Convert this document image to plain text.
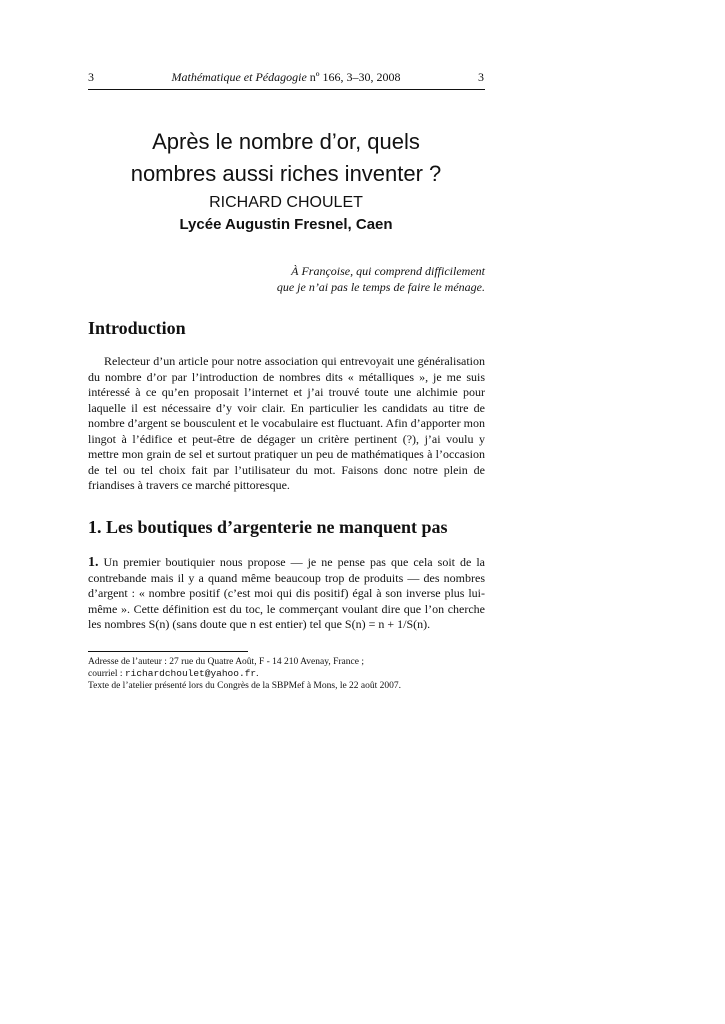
3	Mathématique et Pédagogie nº 166, 3–30, 2008	3
Après le nombre d’or, quels
nombres aussi riches inventer ?
RICHARD CHOULET
Lycée Augustin Fresnel, Caen
À Françoise, qui comprend difficilement
que je n’ai pas le temps de faire le ménage.
Introduction
Relecteur d’un article pour notre association qui entrevoyait une généralisation du nombre d’or par l’introduction de nombres dits « métalliques », je me suis intéressé à ce qu’en proposait l’internet et j’ai trouvé toute une alchimie pour laquelle il est nécessaire d’y voir clair. En particulier les candidats au titre de nombre d’argent se bousculent et le vocabulaire est fluctuant. Afin d’apporter mon lingot à l’édifice et peut-être de dégager un critère pertinent (?), j’ai voulu y mettre mon grain de sel et surtout pratiquer un peu de mathématiques à l’occasion de tel ou tel choix fait par l’utilisateur du mot. Faisons donc notre plein de friandises à travers ce marché pittoresque.
1. Les boutiques d’argenterie ne manquent pas
1. Un premier boutiquier nous propose — je ne pense pas que cela soit de la contrebande mais il y a quand même beaucoup trop de produits — des nombres d’argent : « nombre positif (c’est moi qui dis positif) égal à son inverse plus lui-même ». Cette définition est du toc, le commerçant voulant dire que l’on cherche les nombres S(n) (sans doute que n est entier) tel que S(n) = n + 1/S(n).
Adresse de l’auteur : 27 rue du Quatre Août, F - 14 210 Avenay, France ;
courriel : richardchoulet@yahoo.fr.
Texte de l’atelier présenté lors du Congrès de la SBPMef à Mons, le 22 août 2007.
